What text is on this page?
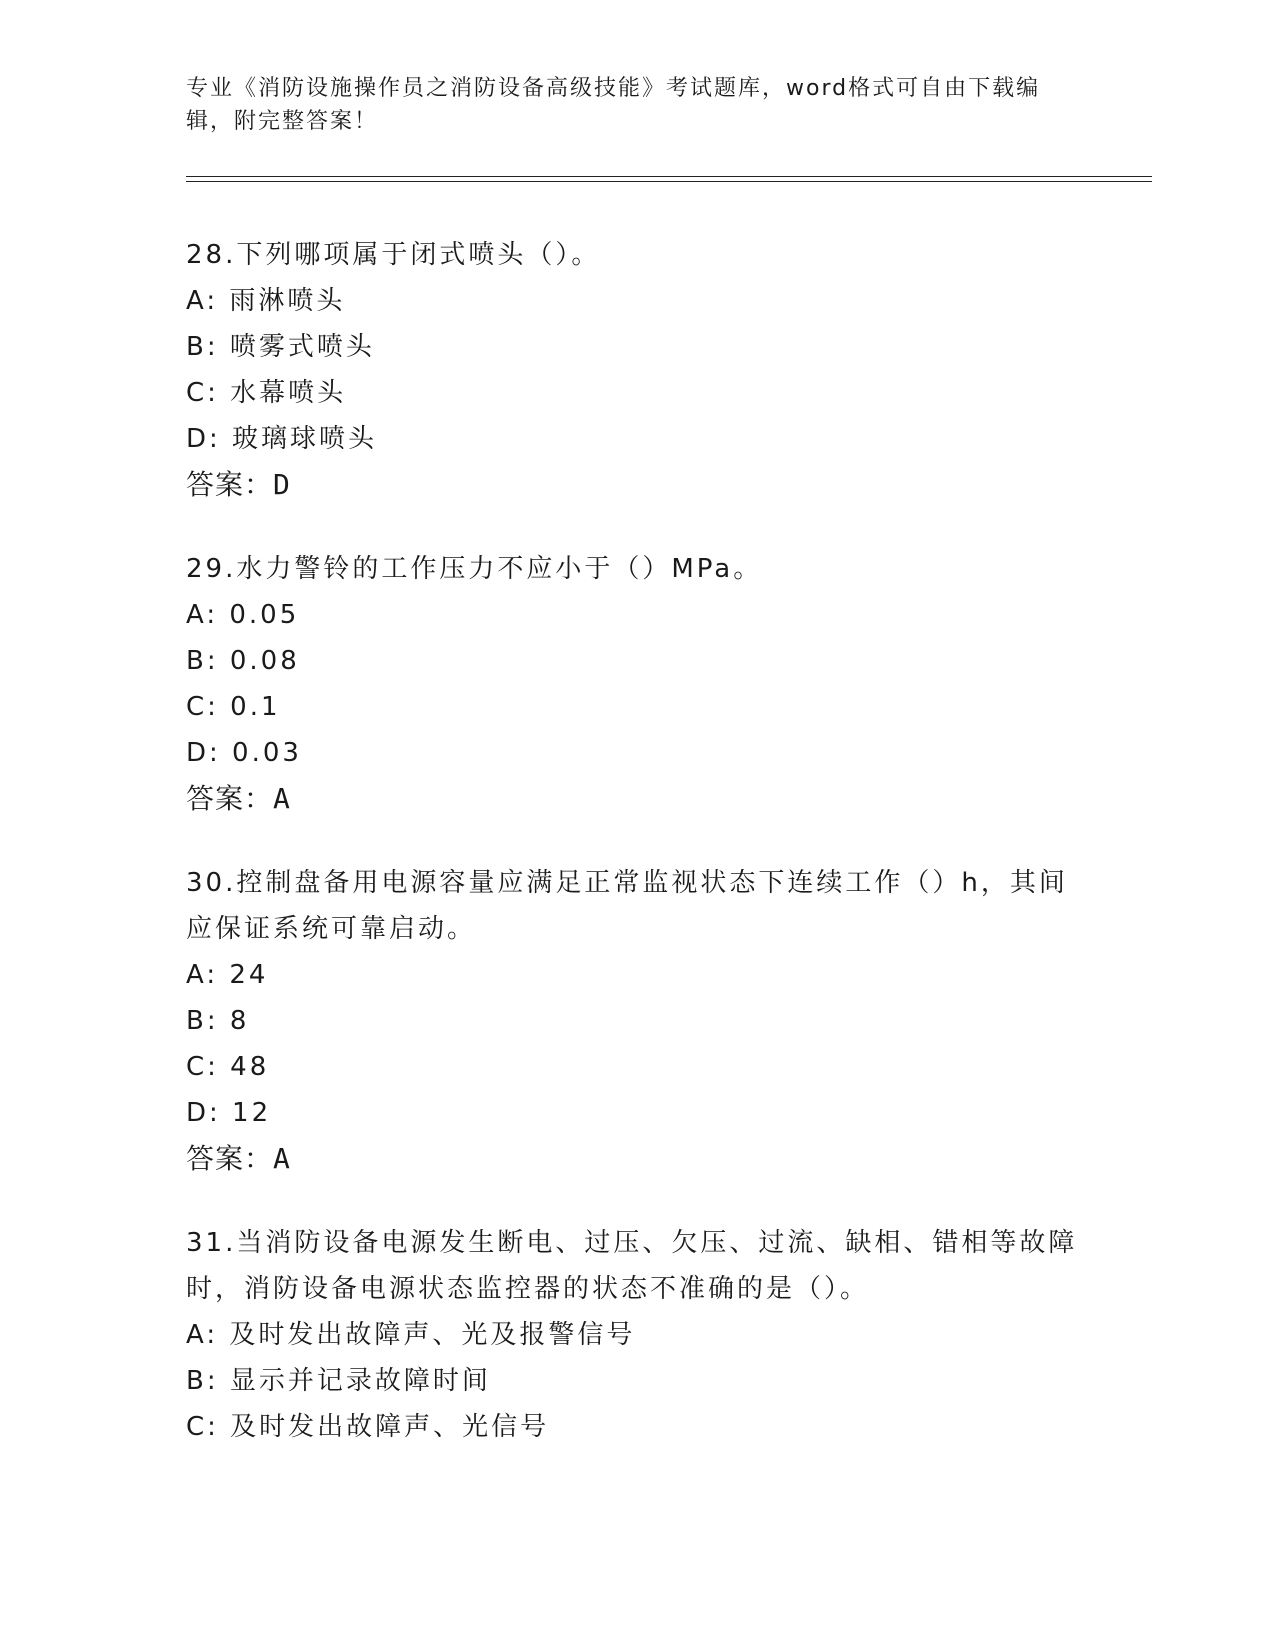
专业《消防设施操作员之消防设备高级技能》考试题库，word格式可自由下载编辑，附完整答案！

28.下列哪项属于闭式喷头（）。

A: 雨淋喷头

B: 喷雾式喷头

C: 水幕喷头

D: 玻璃球喷头

答案：D

29.水力警铃的工作压力不应小于（）MPa。

A: 0.05

B: 0.08

C: 0.1

D: 0.03

答案：A

30.控制盘备用电源容量应满足正常监视状态下连续工作（）h，其间应保证系统可靠启动。

A: 24

B: 8

C: 48

D: 12

答案：A

31.当消防设备电源发生断电、过压、欠压、过流、缺相、错相等故障时，消防设备电源状态监控器的状态不准确的是（）。

A: 及时发出故障声、光及报警信号

B: 显示并记录故障时间

C: 及时发出故障声、光信号
